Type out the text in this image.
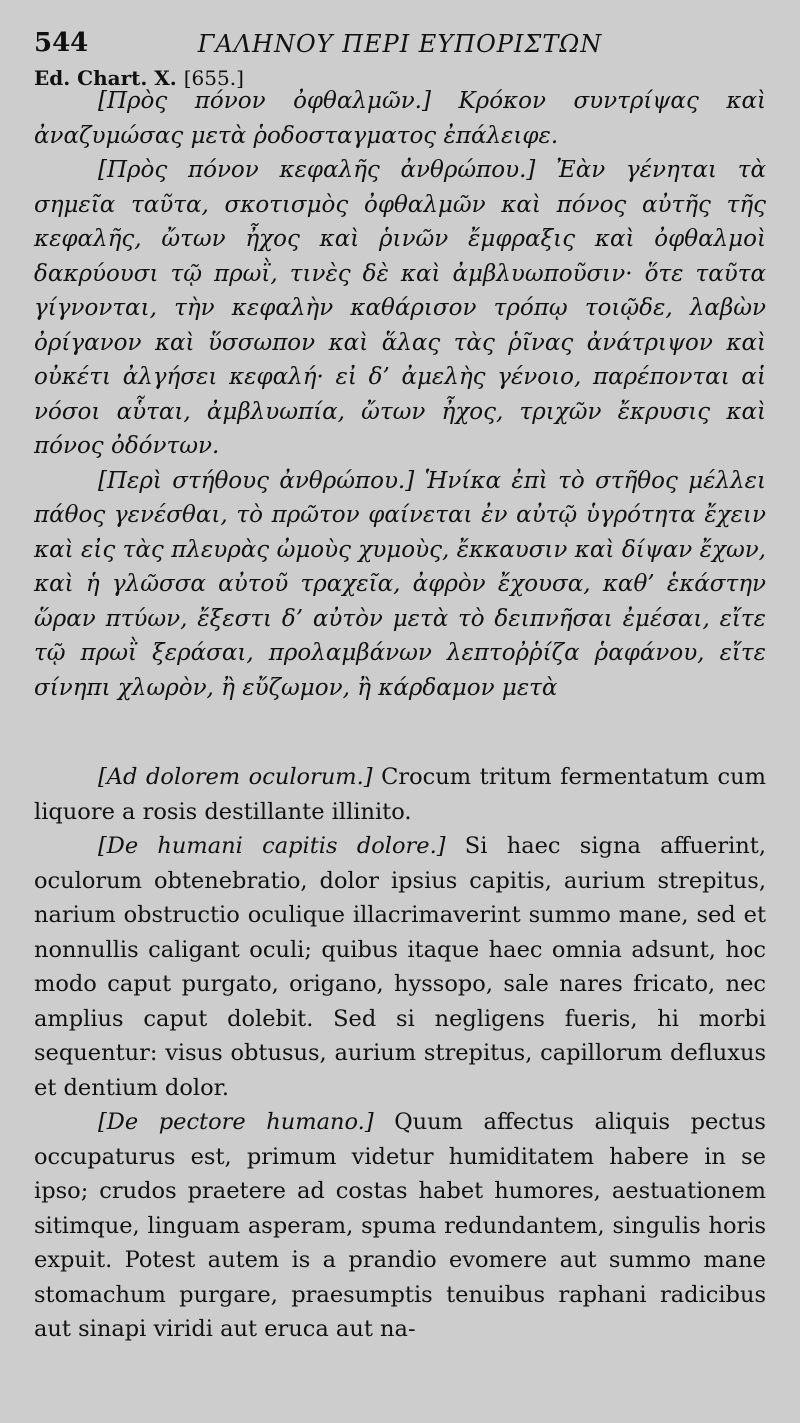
544	ΓΑΛΗΝΟΥ ΠΕΡΙ ΕΥΠΟΡΙΣΤΩΝ
Ed. Chart. X. [655.]

[Πρὸς πόνον ὀφθαλμῶν.] Κρόκον συντρίψας καὶ ἀναζυμώσας μετὰ ῥοδοσταγματος ἐπάλειφε.

[Πρὸς πόνον κεφαλῆς ἀνθρώπου.] Ἐὰν γένηται τὰ σημεῖα ταῦτα, σκοτισμὸς ὀφθαλμῶν καὶ πόνος αὐτῆς τῆς κεφαλῆς, ὤτων ἦχος καὶ ῥινῶν ἔμφραξις καὶ ὀφθαλμοὶ δακρύουσι τῷ πρωῒ, τινὲς δὲ καὶ ἀμβλυωποῦσιν· ὅτε ταῦτα γίγνονται, τὴν κεφαλὴν καθάρισον τρόπῳ τοιῷδε, λαβὼν ὀρίγανον καὶ ὕσσωπον καὶ ἅλας τὰς ῥῖνας ἀνάτριψον καὶ οὐκέτι ἀλγήσει κεφαλή· εἰ δ’ ἀμελὴς γένοιο, παρέπονται αἱ νόσοι αὗται, ἀμβλυωπία, ὤτων ἦχος, τριχῶν ἔκρυσις καὶ πόνος ὀδόντων.

[Περὶ στήθους ἀνθρώπου.] Ἡνίκα ἐπὶ τὸ στῆθος μέλλει πάθος γενέσθαι, τὸ πρῶτον φαίνεται ἐν αὐτῷ ὑγρότητα ἔχειν καὶ εἰς τὰς πλευρὰς ὠμοὺς χυμοὺς, ἔκκαυσιν καὶ δίψαν ἔχων, καὶ ἡ γλῶσσα αὐτοῦ τραχεῖα, ἀφρὸν ἔχουσα, καθ’ ἑκάστην ὥραν πτύων, ἔξεστι δ’ αὐτὸν μετὰ τὸ δειπνῆσαι ἐμέσαι, εἴτε τῷ πρωῒ ξεράσαι, προλαμβάνων λεπτοῤῥίζα ῥαφάνου, εἴτε σίνηπι χλωρὸν, ἢ εὔζωμον, ἢ κάρδαμον μετὰ

[Ad dolorem oculorum.] Crocum tritum fermentatum cum liquore a rosis destillante illinito.

[De humani capitis dolore.] Si haec signa affuerint, oculorum obtenebratio, dolor ipsius capitis, aurium strepitus, narium obstructio oculique illacrimaverint summo mane, sed et nonnullis caligant oculi; quibus itaque haec omnia adsunt, hoc modo caput purgato, origano, hyssopo, sale nares fricato, nec amplius caput dolebit. Sed si negligens fueris, hi morbi sequentur: visus obtusus, aurium strepitus, capillorum defluxus et dentium dolor.

[De pectore humano.] Quum affectus aliquis pectus occupaturus est, primum videtur humiditatem habere in se ipso; crudos praetere ad costas habet humores, aestuationem sitimque, linguam asperam, spuma redundantem, singulis horis expuit. Potest autem is a prandio evomere aut summo mane stomachum purgare, praesumptis tenuibus raphani radicibus aut sinapi viridi aut eruca aut na-
